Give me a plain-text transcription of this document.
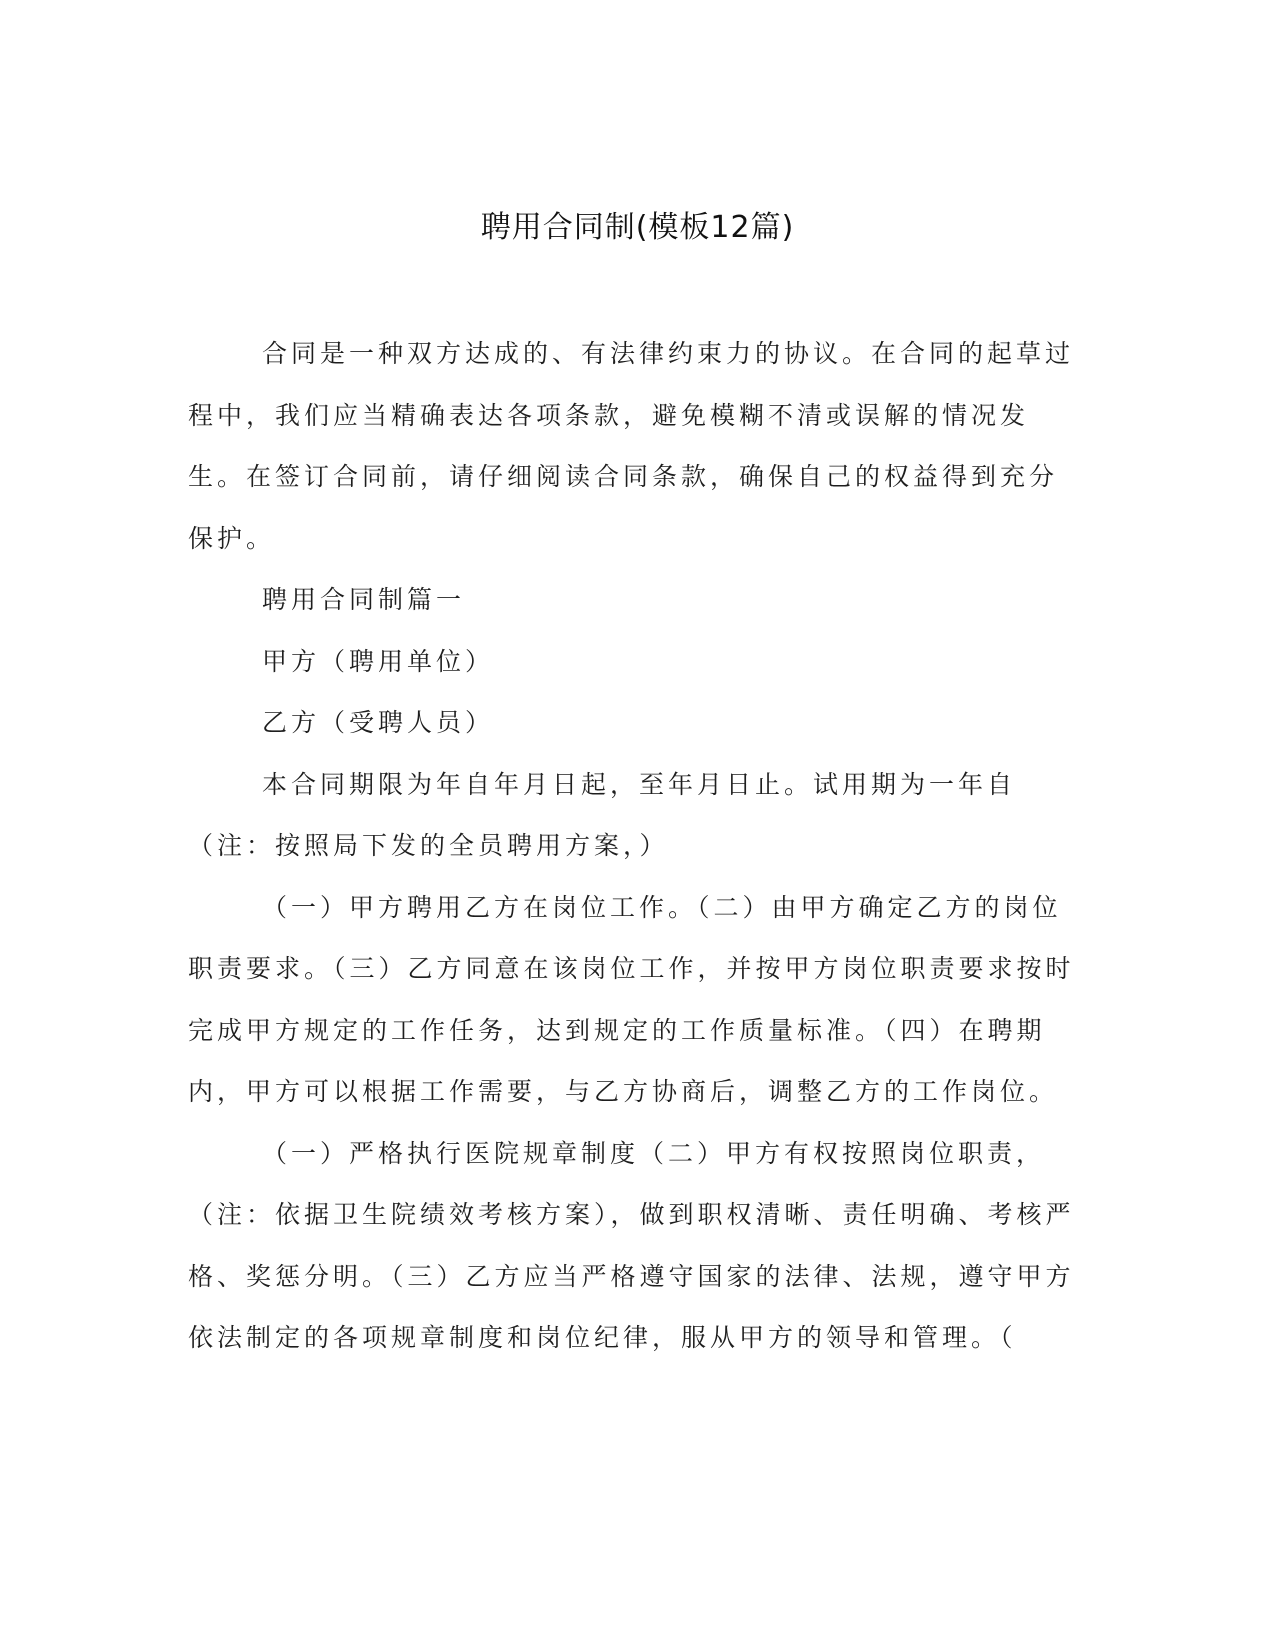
聘用合同制(模板12篇)

合同是一种双方达成的、有法律约束力的协议。在合同的起草过程中，我们应当精确表达各项条款，避免模糊不清或误解的情况发生。在签订合同前，请仔细阅读合同条款，确保自己的权益得到充分保护。

聘用合同制篇一

甲方（聘用单位）

乙方（受聘人员）

本合同期限为年自年月日起，至年月日止。试用期为一年自（注：按照局下发的全员聘用方案，）

（一）甲方聘用乙方在岗位工作。（二）由甲方确定乙方的岗位职责要求。（三）乙方同意在该岗位工作，并按甲方岗位职责要求按时完成甲方规定的工作任务，达到规定的工作质量标准。（四）在聘期内，甲方可以根据工作需要，与乙方协商后，调整乙方的工作岗位。

（一）严格执行医院规章制度（二）甲方有权按照岗位职责，（注：依据卫生院绩效考核方案），做到职权清晰、责任明确、考核严格、奖惩分明。（三）乙方应当严格遵守国家的法律、法规，遵守甲方依法制定的各项规章制度和岗位纪律，服从甲方的领导和管理。（
